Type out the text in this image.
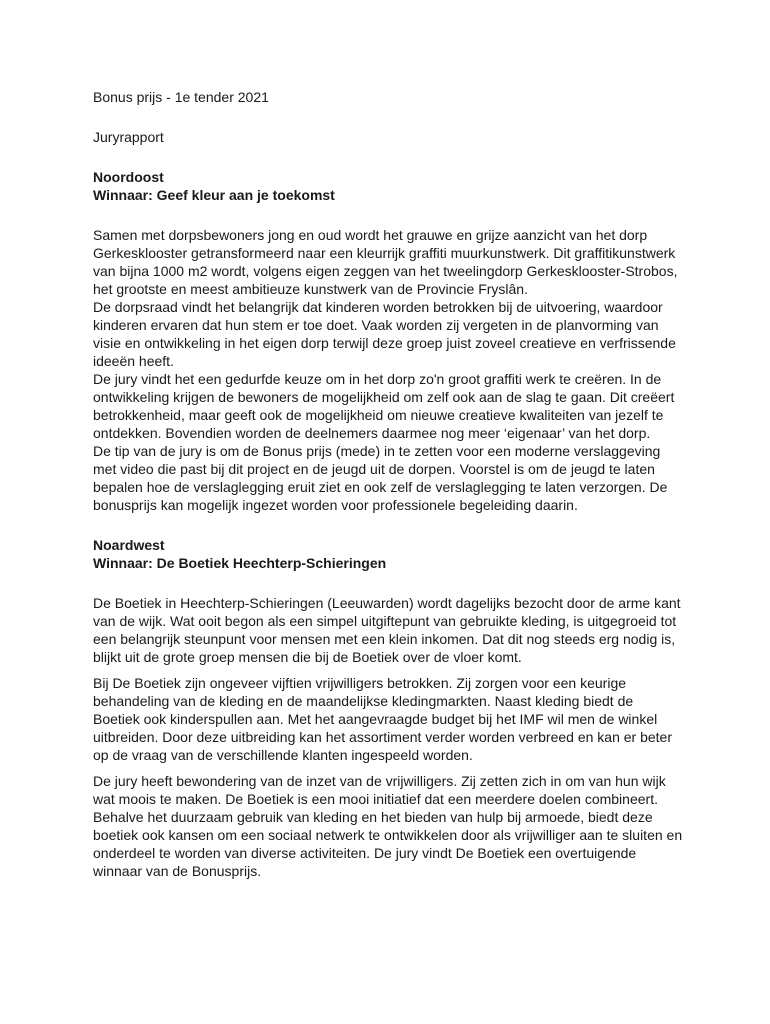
Bonus prijs - 1e tender 2021

Juryrapport

Noordoost

Winnaar: Geef kleur aan je toekomst

Samen met dorpsbewoners jong en oud wordt het grauwe en grijze aanzicht van het dorp Gerkesklooster getransformeerd naar een kleurrijk graffiti muurkunstwerk. Dit graffitikunstwerk van bijna 1000 m2 wordt, volgens eigen zeggen van het tweelingdorp Gerkesklooster-Strobos, het grootste en meest ambitieuze kunstwerk van de Provincie Fryslân.

De dorpsraad vindt het belangrijk dat kinderen worden betrokken bij de uitvoering, waardoor kinderen ervaren dat hun stem er toe doet. Vaak worden zij vergeten in de planvorming van visie en ontwikkeling in het eigen dorp terwijl deze groep juist zoveel creatieve en verfrissende ideeën heeft.

De jury vindt het een gedurfde keuze om in het dorp zo'n groot graffiti werk te creëren. In de ontwikkeling krijgen de bewoners de mogelijkheid om zelf ook aan de slag te gaan. Dit creëert betrokkenheid, maar geeft ook de mogelijkheid om nieuwe creatieve kwaliteiten van jezelf te ontdekken. Bovendien worden de deelnemers daarmee nog meer ‘eigenaar’ van het dorp.

De tip van de jury is om de Bonus prijs (mede) in te zetten voor een moderne verslaggeving met video die past bij dit project en de jeugd uit de dorpen. Voorstel is om de jeugd te laten bepalen hoe de verslaglegging eruit ziet en ook zelf de verslaglegging te laten verzorgen. De bonusprijs kan mogelijk ingezet worden voor professionele begeleiding daarin.

Noardwest

Winnaar: De Boetiek Heechterp-Schieringen

De Boetiek in Heechterp-Schieringen (Leeuwarden) wordt dagelijks bezocht door de arme kant van de wijk. Wat ooit begon als een simpel uitgiftepunt van gebruikte kleding, is uitgegroeid tot een belangrijk steunpunt voor mensen met een klein inkomen. Dat dit nog steeds erg nodig is, blijkt uit de grote groep mensen die bij de Boetiek over de vloer komt.

Bij De Boetiek zijn ongeveer vijftien vrijwilligers betrokken. Zij zorgen voor een keurige behandeling van de kleding en de maandelijkse kledingmarkten. Naast kleding biedt de Boetiek ook kinderspullen aan. Met het aangevraagde budget bij het IMF wil men de winkel uitbreiden. Door deze uitbreiding kan het assortiment verder worden verbreed en kan er beter op de vraag van de verschillende klanten ingespeeld worden.

De jury heeft bewondering van de inzet van de vrijwilligers. Zij zetten zich in om van hun wijk wat moois te maken. De Boetiek is een mooi initiatief dat een meerdere doelen combineert. Behalve het duurzaam gebruik van kleding en het bieden van hulp bij armoede, biedt deze boetiek ook kansen om een sociaal netwerk te ontwikkelen door als vrijwilliger aan te sluiten en onderdeel te worden van diverse activiteiten. De jury vindt De Boetiek een overtuigende winnaar van de Bonusprijs.
